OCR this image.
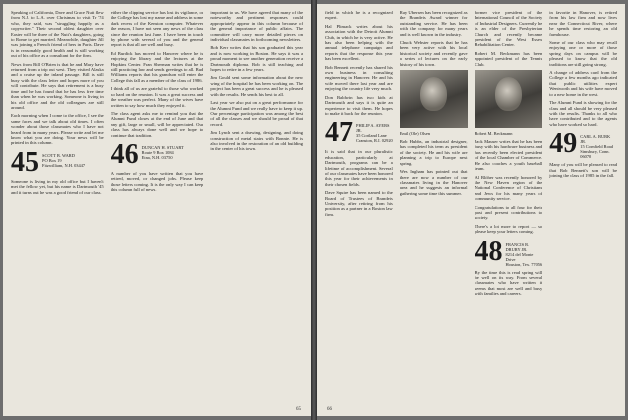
Speaking of California, Dave and Grace Nutt flew from N.J. to L.A. over Christmas to visit Tr '74 who, they said, was "struggling happily as a copywriter." Their second oldest daughter over Easter will be three of the Nutt's daughters, going to Rome to get married. Meanwhile, daughter Jill was joining a French friend of hers in Paris. Dave is in reasonably good health and is still working out of his office as a consultant for the firm.

News from Bill O'Brien is that he and Mary have returned from a trip out west. They visited Alaska and a cruise up the inland passage. Bill is still busy with the class letter and hopes more of you will contribute. He says that retirement is a busy time and he has found that he has less free time than when he was working. Someone is living in his old office and the old colleagues are still around.

Each morning when I come to the office, I see the same faces and we talk about old times. I often wonder about those classmates who I have not heard from in many years. Please write and let me know what you are doing. Your news will be printed in this column.

45 SCOTT B. WARD
PO Box 19
Fitzwilliam, N.H. 03447

Someone is living in my old office but I haven't met the fellow yet, but his name is Dartmouth '45 and it turns out he was a good friend of our class.

either the clipping service has lost its vigilance, or the College has lost my name and address in some dark recess of the Kenston computer. Whatever the reason, I have not seen any news of the class since the reunion last June. I have been in touch by phone with several of you and the general report is that all are well and busy.

Ed Burdick has moved to Hanover where he is enjoying the library and the lectures at the Hopkins Center. Fran Sherman writes that he is still practicing law and sends greetings to all. Bud Williams reports that his grandson will enter the College this fall as a member of the class of 1986.

I think all of us are grateful to those who worked so hard on the reunion. It was a great success and the weather was perfect. Many of the wives have written to say how much they enjoyed it.

The class agent asks me to remind you that the Alumni Fund closes at the end of June and that any gift, large or small, will be appreciated. Our class has always done well and we hope to continue that tradition.

46 DUNCAN H. STUART
Route 9 Box 1084
Etna, N.H. 03750

A number of you have written that you have retired, moved, or changed jobs. Please keep those letters coming. It is the only way I can keep this column full of news.

important to us. We have agreed that many of the noteworthy and pertinent responses could appropriately appear in this column because of the general importance of public affairs. The committee will carry more detailed pieces on individual classmates in forthcoming newsletters.

Bob Kerr writes that his son graduated this year and is now working in Boston. He says it was a proud moment to see another generation receive a Dartmouth diploma. Bob is still teaching and hopes to retire in a few years.

Jim Gould sent some information about the new wing of the hospital he has been working on. The project has been a great success and he is pleased with the results. He sends his best to all.

Last year we also put on a great performance for the Alumni Fund and we really have to keep it up. Our percentage participation was among the best of all the classes and we should be proud of that record.

Jim Lynch sent a drawing, designing, and doing construction of metal stairs with Bonnie. He is also involved in the restoration of an old building in the center of his town.

65

field in which he is a recognized expert.

Hal Plimack writes about his association with the Detroit Alumni Club, in which he is very active. He has also been helping with the annual telephone campaign and reports that the response this year has been excellent.

Bob Bennett recently has shared his own business in consulting engineering in Hanover. He and his wife moved there last year and are enjoying the country life very much.

Don Baldwin has two kids at Dartmouth and says it is quite an experience to visit them. He hopes to make it back for the reunion.

47 PHILIP A. AYERS JR.
35 Cortland Lane
Cranston, R.I. 02920

It is said that in our pluralistic education, particularly at Dartmouth, programs can be a lifetime of accomplishment. Several of our classmates have been honored this year for their achievements in their chosen fields.

Dave Squire has been named to the Board of Trustees of Brandeis University, after retiring from his position as a partner in a Boston law firm.

Ray Ubersen has been recognized as the Brandeis Award winner for outstanding service. He has been with the company for many years and is well known in the industry.

Chuck Webster reports that he has been very active with his local historical society and recently gave a series of lectures on the early history of his town.

Emil (Ole) Olsen

Bob Hubbs, an industrial designer, has completed his term as president of the society. He and his wife are planning a trip to Europe next spring.

Wes Ingham has pointed out that there are now a number of our classmates living in the Hanover area and he suggests an informal gathering some time this summer.

former vice president of the International Council of the Society of Industrial Designers. Currently he is an elder of the Presbyterian Church and recently became president of the West Essex Rehabilitation Center.

Robert M. Beckmann has been appointed president of the Tennis Club.

Robert M. Beckmann

Jack Mauser writes that he has been busy with his hardware business and has recently been elected president of the local Chamber of Commerce. He also coaches a youth baseball team.

Al Blöher was recently honored by the New Haven region of the National Conference of Christians and Jews for his many years of community service.

Congratulations to all four for their past and present contributions to society.

There's a lot more to report — so please keep your letters coming.

48 FRANCIS R. DRURY JR.
8214 del Monte Drive
Houston, Tex. 77056

By the time this is read spring will be well on its way. From several classmates who have written it seems that most are well and busy with families and careers.

in favorite in Hanover, is retired from his law firm and now lives near the Connecticut River, where he spends time restoring an old farmhouse.

Some of our class who may recall enjoying one or more of those spring days on campus will be pleased to know that the old traditions are still going strong.

A change of address card from the College a few months ago indicated that public utilities expert Wentworth and his wife have moved to a new home in the west.

The Alumni Fund is showing for the class and all should be very pleased with the results. Thanks to all who have contributed and to the agents who have worked so hard.

49 CARL A. BURK JR.
15 Cornfield Road
Simsbury, Conn. 06070

Many of you will be pleased to read that Bob Bennett's son will be joining the class of 1985 in the fall.

66
